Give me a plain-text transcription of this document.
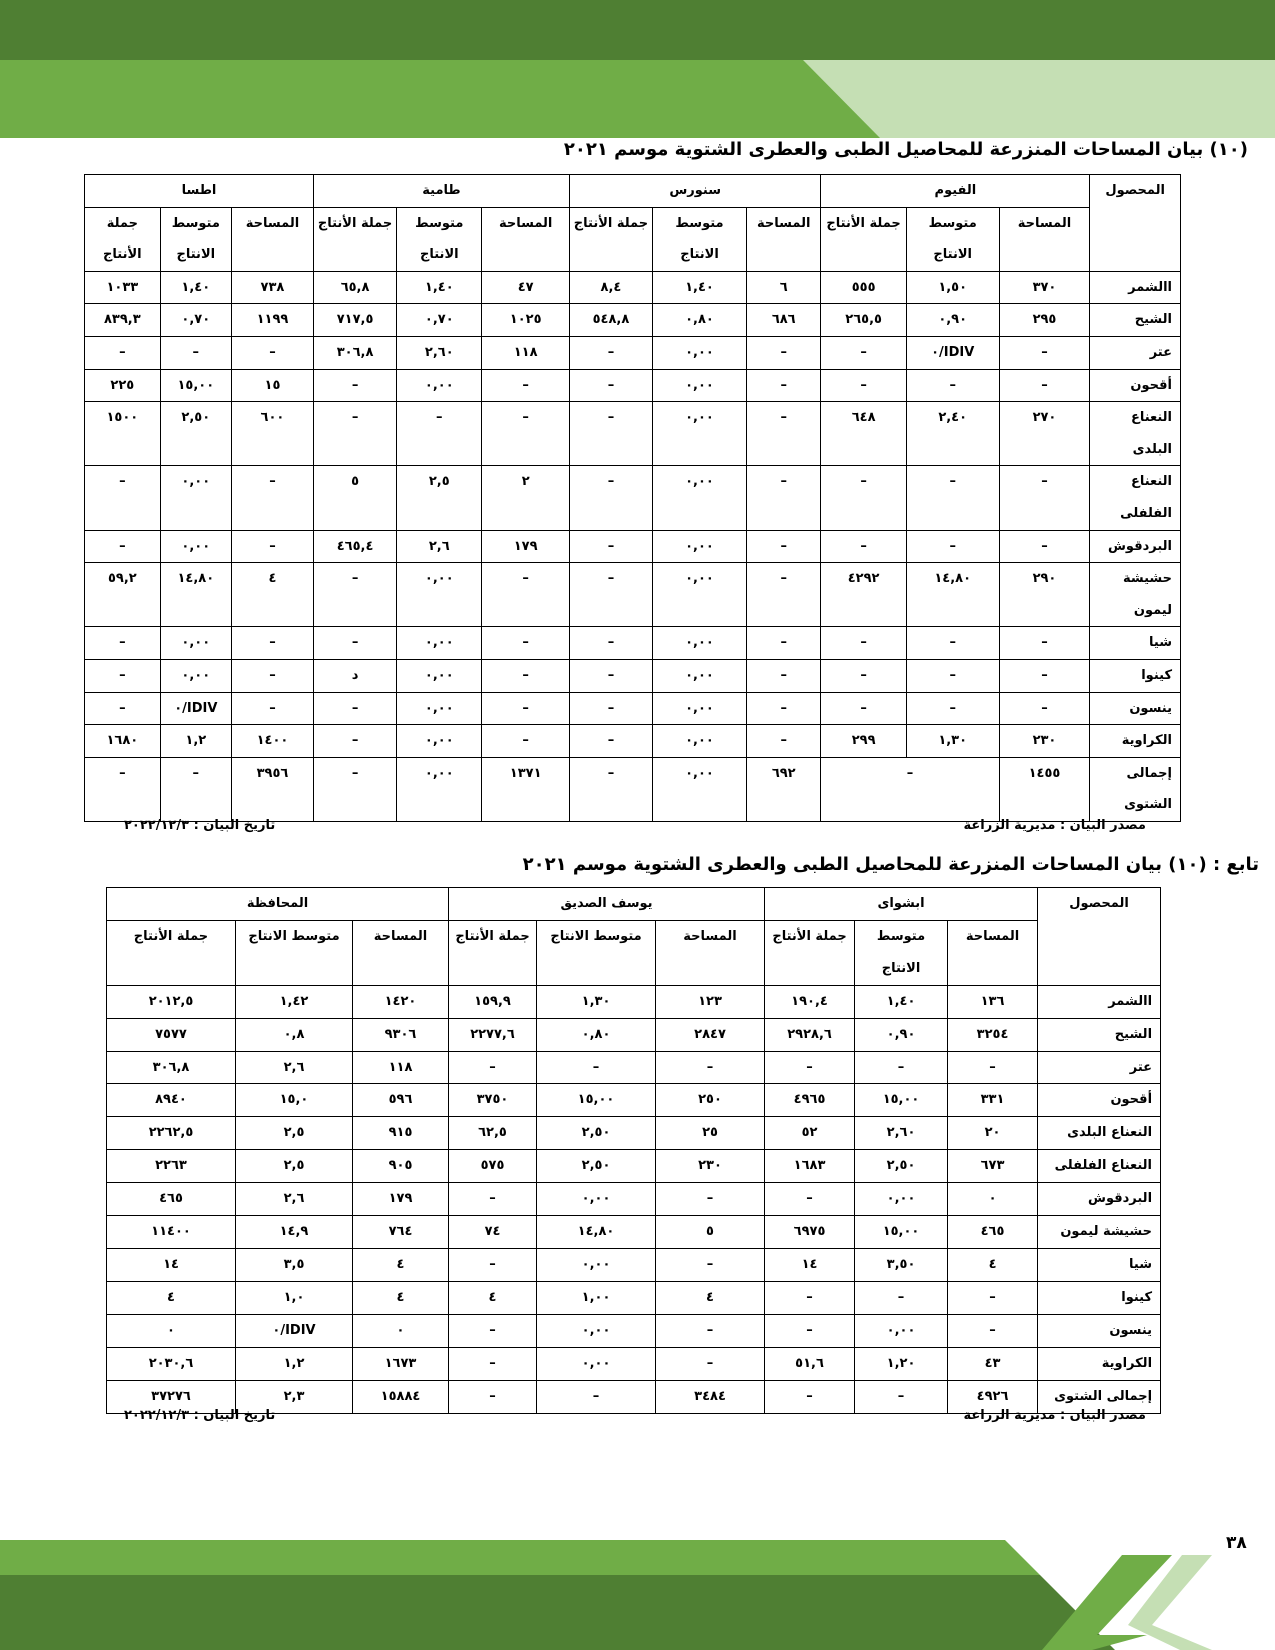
(١٠) بيان المساحات المنزرعة للمحاصيل الطبى والعطرى الشتوية موسم ٢٠٢١
المحصول	الفيوم			سنورس			طامية			اطسا		
	المساحة	متوسط الانتاج	جملة الأنتاج	المساحة	متوسط الانتاج	جملة الأنتاج	المساحة	متوسط الانتاج	جملة الأنتاج	المساحة	متوسط الانتاج	جملة الأنتاج
االشمر	٣٧٠	١,٥٠	٥٥٥	٦	١,٤٠	٨,٤	٤٧	١,٤٠	٦٥,٨	٧٣٨	١,٤٠	١٠٣٣
الشيح	٢٩٥	٠,٩٠	٢٦٥,٥	٦٨٦	٠,٨٠	٥٤٨,٨	١٠٢٥	٠,٧٠	٧١٧,٥	١١٩٩	٠,٧٠	٨٣٩,٣
عتر	–	IDIV/٠	–	–	٠,٠٠	–	١١٨	٢,٦٠	٣٠٦,٨	–	–	–
أقحون	–	–	–	–	٠,٠٠	–	–	٠,٠٠	–	١٥	١٥,٠٠	٢٢٥
النعناع البلدى	٢٧٠	٢,٤٠	٦٤٨	–	٠,٠٠	–	–	–	–	٦٠٠	٢,٥٠	١٥٠٠
النعناع الفلفلى	–	–	–	–	٠,٠٠	–	٢	٢,٥	٥	–	٠,٠٠	–
البردقوش	–	–	–	–	٠,٠٠	–	١٧٩	٢,٦	٤٦٥,٤	–	٠,٠٠	–
حشيشة ليمون	٢٩٠	١٤,٨٠	٤٢٩٢	–	٠,٠٠	–	–	٠,٠٠	–	٤	١٤,٨٠	٥٩,٢
شيا	–	–	–	–	٠,٠٠	–	–	٠,٠٠	–	–	٠,٠٠	–
كينوا	–	–	–	–	٠,٠٠	–	–	٠,٠٠	د	–	٠,٠٠	–
ينسون	–	–	–	–	٠,٠٠	–	–	٠,٠٠	–	–	IDIV/٠	–
الكراوية	٢٣٠	١,٣٠	٢٩٩	–	٠,٠٠	–	–	٠,٠٠	–	١٤٠٠	١,٢	١٦٨٠
إجمالى الشتوى	١٤٥٥	–		٦٩٢	٠,٠٠	–	١٣٧١	٠,٠٠	–	٣٩٥٦	–	–
مصدر البيان : مديرية الزراعة
تاريخ البيان : ٢٠٢٢/١٢/٣
تابع : (١٠) بيان المساحات المنزرعة للمحاصيل الطبى والعطرى الشتوية موسم ٢٠٢١
المحصول	ابشواى			يوسف الصديق			المحافظة		
	المساحة	متوسط الانتاج	جملة الأنتاج	المساحة	متوسط الانتاج	جملة الأنتاج	المساحة	متوسط الانتاج	جملة الأنتاج
االشمر	١٣٦	١,٤٠	١٩٠,٤	١٢٣	١,٣٠	١٥٩,٩	١٤٢٠	١,٤٢	٢٠١٢,٥
الشيح	٣٢٥٤	٠,٩٠	٢٩٢٨,٦	٢٨٤٧	٠,٨٠	٢٢٧٧,٦	٩٣٠٦	٠,٨	٧٥٧٧
عتر	–	–	–	–	–	–	١١٨	٢,٦	٣٠٦,٨
أقحون	٣٣١	١٥,٠٠	٤٩٦٥	٢٥٠	١٥,٠٠	٣٧٥٠	٥٩٦	١٥,٠	٨٩٤٠
النعناع البلدى	٢٠	٢,٦٠	٥٢	٢٥	٢,٥٠	٦٢,٥	٩١٥	٢,٥	٢٢٦٢,٥
النعناع الفلفلى	٦٧٣	٢,٥٠	١٦٨٣	٢٣٠	٢,٥٠	٥٧٥	٩٠٥	٢,٥	٢٢٦٣
البردقوش	٠	٠,٠٠	–	–	٠,٠٠	–	١٧٩	٢,٦	٤٦٥
حشيشة ليمون	٤٦٥	١٥,٠٠	٦٩٧٥	٥	١٤,٨٠	٧٤	٧٦٤	١٤,٩	١١٤٠٠
شيا	٤	٣,٥٠	١٤	–	٠,٠٠	–	٤	٣,٥	١٤
كينوا	–	–	–	٤	١,٠٠	٤	٤	١,٠	٤
ينسون	–	٠,٠٠	–	–	٠,٠٠	–	٠	IDIV/٠	٠
الكراوية	٤٣	١,٢٠	٥١,٦	–	٠,٠٠	–	١٦٧٣	١,٢	٢٠٣٠,٦
إجمالى الشتوى	٤٩٢٦	–	–	٣٤٨٤	–	–	١٥٨٨٤	٢,٣	٣٧٢٧٦
مصدر البيان : مديرية الزراعة
تاريخ البيان : ٢٠٢٢/١٢/٣
٣٨
